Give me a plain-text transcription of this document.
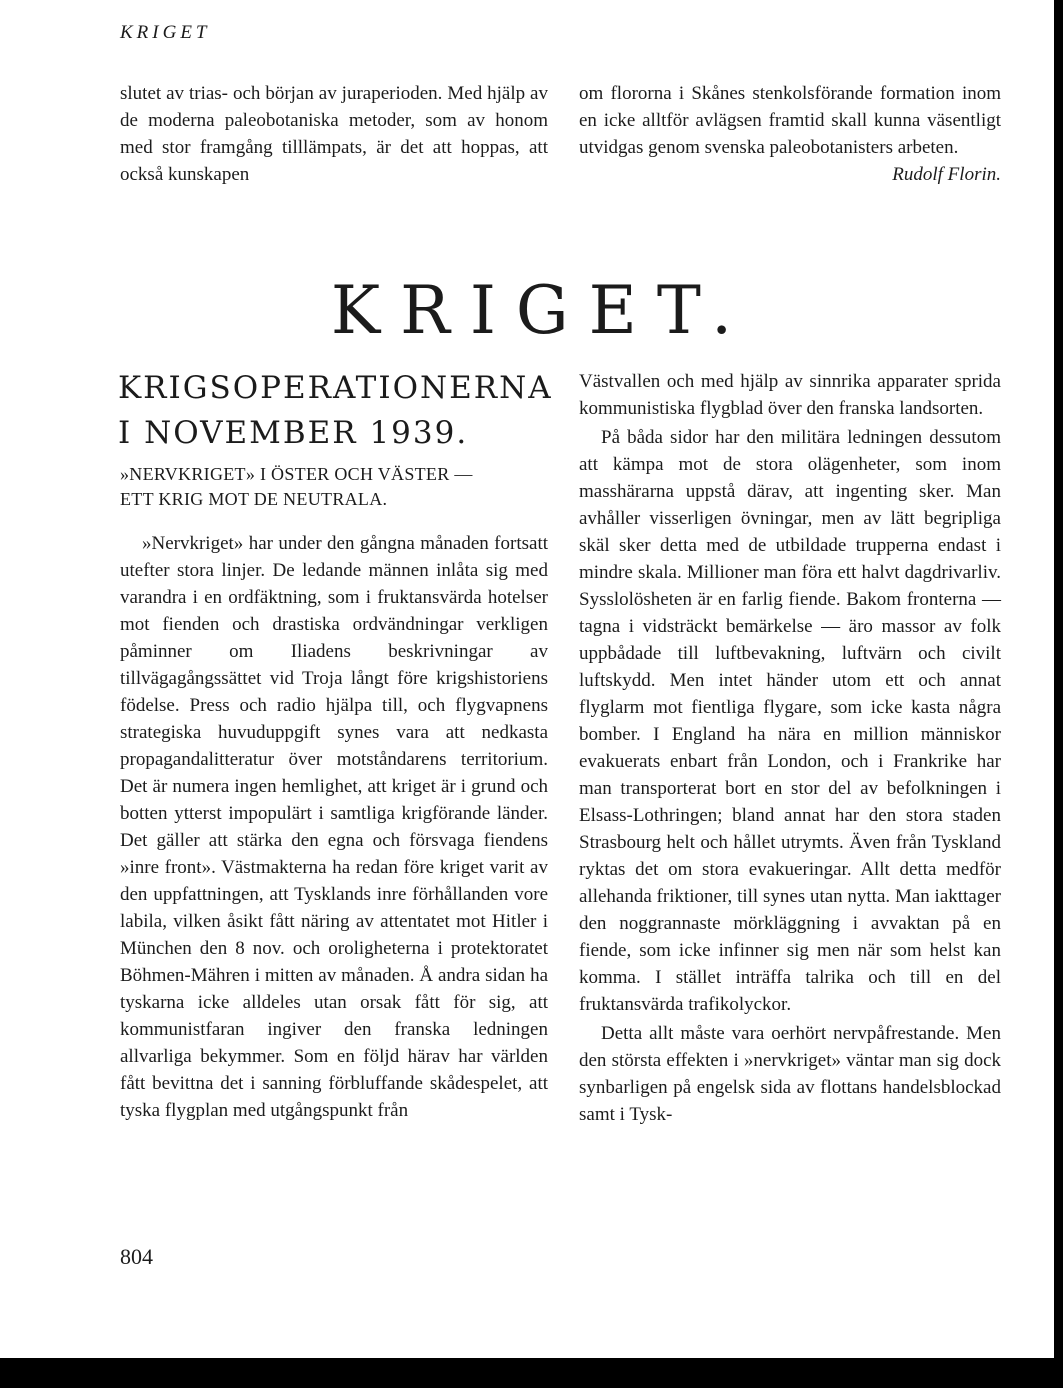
KRIGET

slutet av trias- och början av juraperioden. Med hjälp av de moderna paleobotaniska metoder, som av honom med stor framgång tilllämpats, är det att hoppas, att också kunskapen

om flororna i Skånes stenkolsförande formation inom en icke alltför avlägsen framtid skall kunna väsentligt utvidgas genom svenska paleobotanisters arbeten.

Rudolf Florin.
KRIGET.
KRIGSOPERATIONERNA
I NOVEMBER 1939.
»NERVKRIGET» I ÖSTER OCH VÄSTER —
ETT KRIG MOT DE NEUTRALA.

»Nervkriget» har under den gångna månaden fortsatt utefter stora linjer. De ledande männen inlåta sig med varandra i en ordfäktning, som i fruktansvärda hotelser mot fienden och drastiska ordvändningar verkligen påminner om Iliadens beskrivningar av tillvägagångssättet vid Troja långt före krigshistoriens födelse. Press och radio hjälpa till, och flygvapnens strategiska huvuduppgift synes vara att nedkasta propagandalitteratur över motståndarens territorium. Det är numera ingen hemlighet, att kriget är i grund och botten ytterst impopulärt i samtliga krigförande länder. Det gäller att stärka den egna och försvaga fiendens »inre front». Västmakterna ha redan före kriget varit av den uppfattningen, att Tysklands inre förhållanden vore labila, vilken åsikt fått näring av attentatet mot Hitler i München den 8 nov. och oroligheterna i protektoratet Böhmen-Mähren i mitten av månaden. Å andra sidan ha tyskarna icke alldeles utan orsak fått för sig, att kommunistfaran ingiver den franska ledningen allvarliga bekymmer. Som en följd härav har världen fått bevittna det i sanning förbluffande skådespelet, att tyska flygplan med utgångspunkt från

Västvallen och med hjälp av sinnrika apparater sprida kommunistiska flygblad över den franska landsorten.

På båda sidor har den militära ledningen dessutom att kämpa mot de stora olägenheter, som inom masshärarna uppstå därav, att ingenting sker. Man avhåller visserligen övningar, men av lätt begripliga skäl sker detta med de utbildade trupperna endast i mindre skala. Millioner man föra ett halvt dagdrivarliv. Sysslolösheten är en farlig fiende. Bakom fronterna — tagna i vidsträckt bemärkelse — äro massor av folk uppbådade till luftbevakning, luftvärn och civilt luftskydd. Men intet händer utom ett och annat flyglarm mot fientliga flygare, som icke kasta några bomber. I England ha nära en million människor evakuerats enbart från London, och i Frankrike har man transporterat bort en stor del av befolkningen i Elsass-Lothringen; bland annat har den stora staden Strasbourg helt och hållet utrymts. Även från Tyskland ryktas det om stora evakueringar. Allt detta medför allehanda friktioner, till synes utan nytta. Man iakttager den noggrannaste mörkläggning i avvaktan på en fiende, som icke infinner sig men när som helst kan komma. I stället inträffa talrika och till en del fruktansvärda trafikolyckor.

Detta allt måste vara oerhört nervpåfrestande. Men den största effekten i »nervkriget» väntar man sig dock synbarligen på engelsk sida av flottans handelsblockad samt i Tysk-

804
